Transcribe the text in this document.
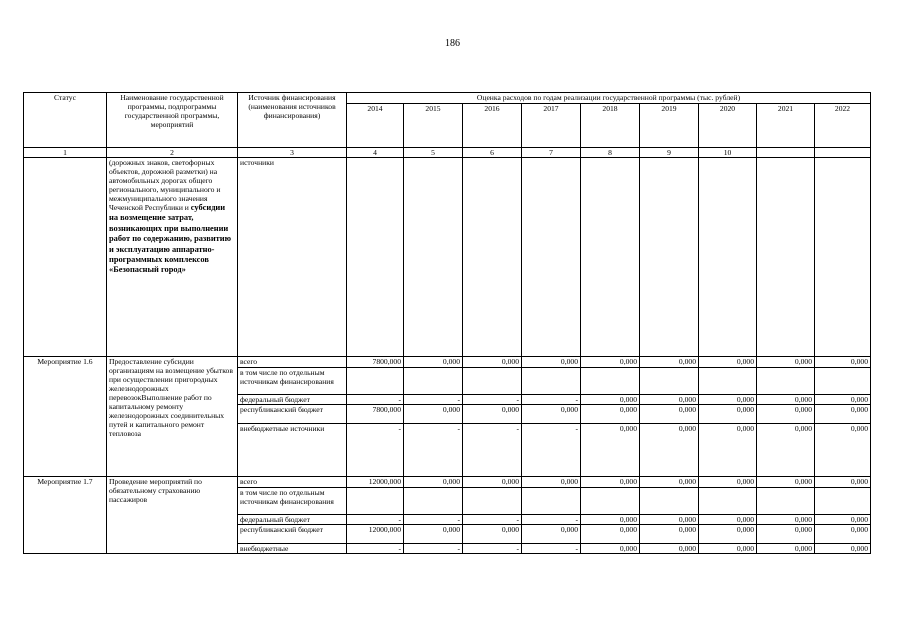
186
Статус	Наименование государственной программы, подпрограммы государственной программы, мероприятий	Источник финансирования (наименования источников финансирования)	Оценка расходов по годам реализации государственной программы (тыс. рублей)								
			2014	2015	2016	2017	2018	2019	2020	2021	2022
1	2	3	4	5	6	7	8	9	10		
	(дорожных знаков, светофорных объектов, дорожной разметки) на автомобильных дорогах общего регионального, муниципального и межмуниципального значения Чеченской Республики и субсидии на возмещение затрат, возникающих при выполнении работ по содержанию, развитию и эксплуатацию аппаратно-программных комплексов «Безопасный город»	источники									
Мероприятие 1.6	Предоставление субсидии организациям на возмещение убытков при осуществлении пригородных железнодорожных перевозокВыполнение работ по капитальному ремонту железнодорожных соединительных путей и капитального ремонт тепловоза	всего	7800,000	0,000	0,000	0,000	0,000	0,000	0,000	0,000	0,000
		в том числе по отдельным источникам финансирования									
		федеральный бюджет	-	-	-	-	0,000	0,000	0,000	0,000	0,000
		республиканский бюджет	7800,000	0,000	0,000	0,000	0,000	0,000	0,000	0,000	0,000
		внебюджетные источники	-	-	-	-	0,000	0,000	0,000	0,000	0,000
Мероприятие 1.7	Проведение мероприятий по обязательному страхованию пассажиров	всего	12000,000	0,000	0,000	0,000	0,000	0,000	0,000	0,000	0,000
		в том числе по отдельным источникам финансирования									
		федеральный бюджет	-	-	-	-	0,000	0,000	0,000	0,000	0,000
		республиканский бюджет	12000,000	0,000	0,000	0,000	0,000	0,000	0,000	0,000	0,000
		внебюджетные	-	-	-	-	0,000	0,000	0,000	0,000	0,000
